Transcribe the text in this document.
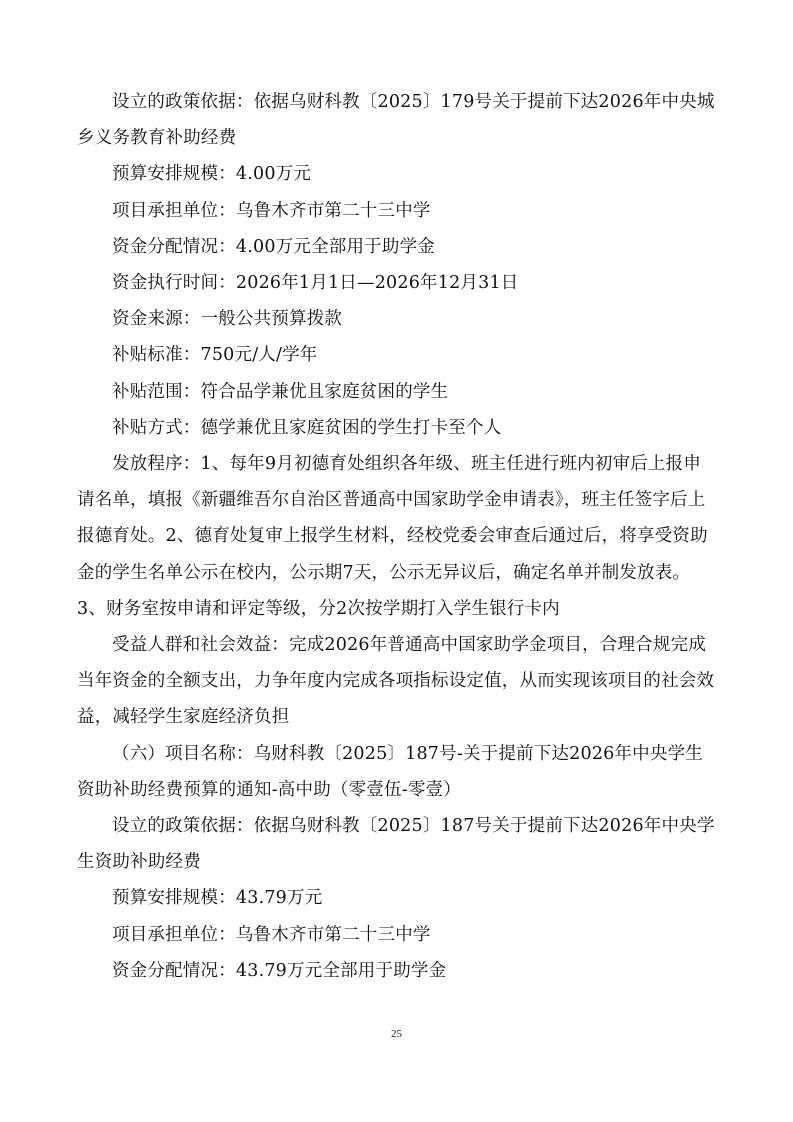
设立的政策依据：依据乌财科教〔2025〕179号关于提前下达2026年中央城乡义务教育补助经费

预算安排规模：4.00万元

项目承担单位：乌鲁木齐市第二十三中学

资金分配情况：4.00万元全部用于助学金

资金执行时间：2026年1月1日—2026年12月31日

资金来源：一般公共预算拨款

补贴标准：750元/人/学年

补贴范围：符合品学兼优且家庭贫困的学生

补贴方式：德学兼优且家庭贫困的学生打卡至个人

发放程序：1、每年9月初德育处组织各年级、班主任进行班内初审后上报申请名单，填报《新疆维吾尔自治区普通高中国家助学金申请表》，班主任签字后上报德育处。2、德育处复审上报学生材料，经校党委会审查后通过后，将享受资助金的学生名单公示在校内，公示期7天，公示无异议后，确定名单并制发放表。3、财务室按申请和评定等级，分2次按学期打入学生银行卡内

受益人群和社会效益：完成2026年普通高中国家助学金项目，合理合规完成当年资金的全额支出，力争年度内完成各项指标设定值，从而实现该项目的社会效益，减轻学生家庭经济负担

（六）项目名称：乌财科教〔2025〕187号-关于提前下达2026年中央学生资助补助经费预算的通知-高中助（零壹伍-零壹）

设立的政策依据：依据乌财科教〔2025〕187号关于提前下达2026年中央学生资助补助经费

预算安排规模：43.79万元

项目承担单位：乌鲁木齐市第二十三中学

资金分配情况：43.79万元全部用于助学金

25
